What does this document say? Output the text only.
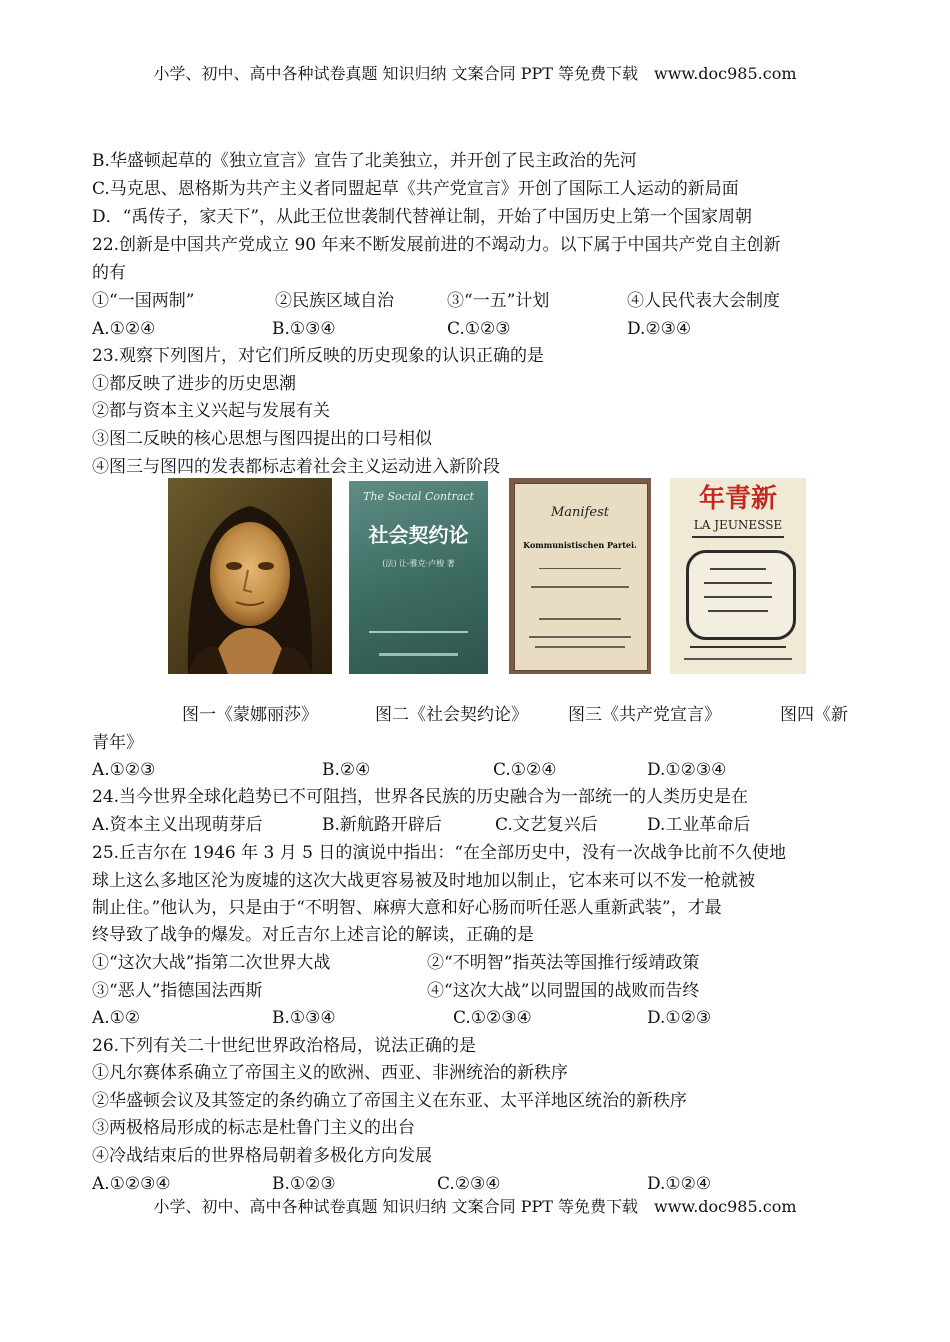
小学、初中、高中各种试卷真题 知识归纳 文案合同 PPT 等免费下载　www.doc985.com
B.华盛顿起草的《独立宣言》宣告了北美独立，并开创了民主政治的先河
C.马克思、恩格斯为共产主义者同盟起草《共产党宣言》开创了国际工人运动的新局面
D．“禹传子，家天下”，从此王位世袭制代替禅让制，开始了中国历史上第一个国家周朝
22.创新是中国共产党成立 90 年来不断发展前进的不竭动力。以下属于中国共产党自主创新
的有
①“一国两制”	②民族区域自治	③“一五”计划	④人民代表大会制度
A.①②④	B.①③④	C.①②③	D.②③④
23.观察下列图片，对它们所反映的历史现象的认识正确的是
①都反映了进步的历史思潮
②都与资本主义兴起与发展有关
③图二反映的核心思想与图四提出的口号相似
④图三与图四的发表都标志着社会主义运动进入新阶段
The Social Contract
社会契约论
(法) 让-雅克·卢梭 著
Manifest
Kommunistischen Partei.
年青新
LA JEUNESSE
图一《蒙娜丽莎》	图二《社会契约论》 图三《共产党宣言》	图四《新
青年》
A.①②③	B.②④	C.①②④	D.①②③④
24.当今世界全球化趋势已不可阻挡，世界各民族的历史融合为一部统一的人类历史是在
A.资本主义出现萌芽后	B.新航路开辟后	C.文艺复兴后	D.工业革命后
25.丘吉尔在 1946 年 3 月 5 日的演说中指出：“在全部历史中，没有一次战争比前不久使地
球上这么多地区沦为废墟的这次大战更容易被及时地加以制止，它本来可以不发一枪就被
制止住。”他认为，只是由于“不明智、麻痹大意和好心肠而听任恶人重新武装”，才最
终导致了战争的爆发。对丘吉尔上述言论的解读，正确的是
①“这次大战”指第二次世界大战	②“不明智”指英法等国推行绥靖政策
③“恶人”指德国法西斯	④“这次大战”以同盟国的战败而告终
A.①②	B.①③④	C.①②③④	D.①②③
26.下列有关二十世纪世界政治格局，说法正确的是
①凡尔赛体系确立了帝国主义的欧洲、西亚、非洲统治的新秩序
②华盛顿会议及其签定的条约确立了帝国主义在东亚、太平洋地区统治的新秩序
③两极格局形成的标志是杜鲁门主义的出台
④冷战结束后的世界格局朝着多极化方向发展
A.①②③④	B.①②③	C.②③④	D.①②④
小学、初中、高中各种试卷真题 知识归纳 文案合同 PPT 等免费下载　www.doc985.com
